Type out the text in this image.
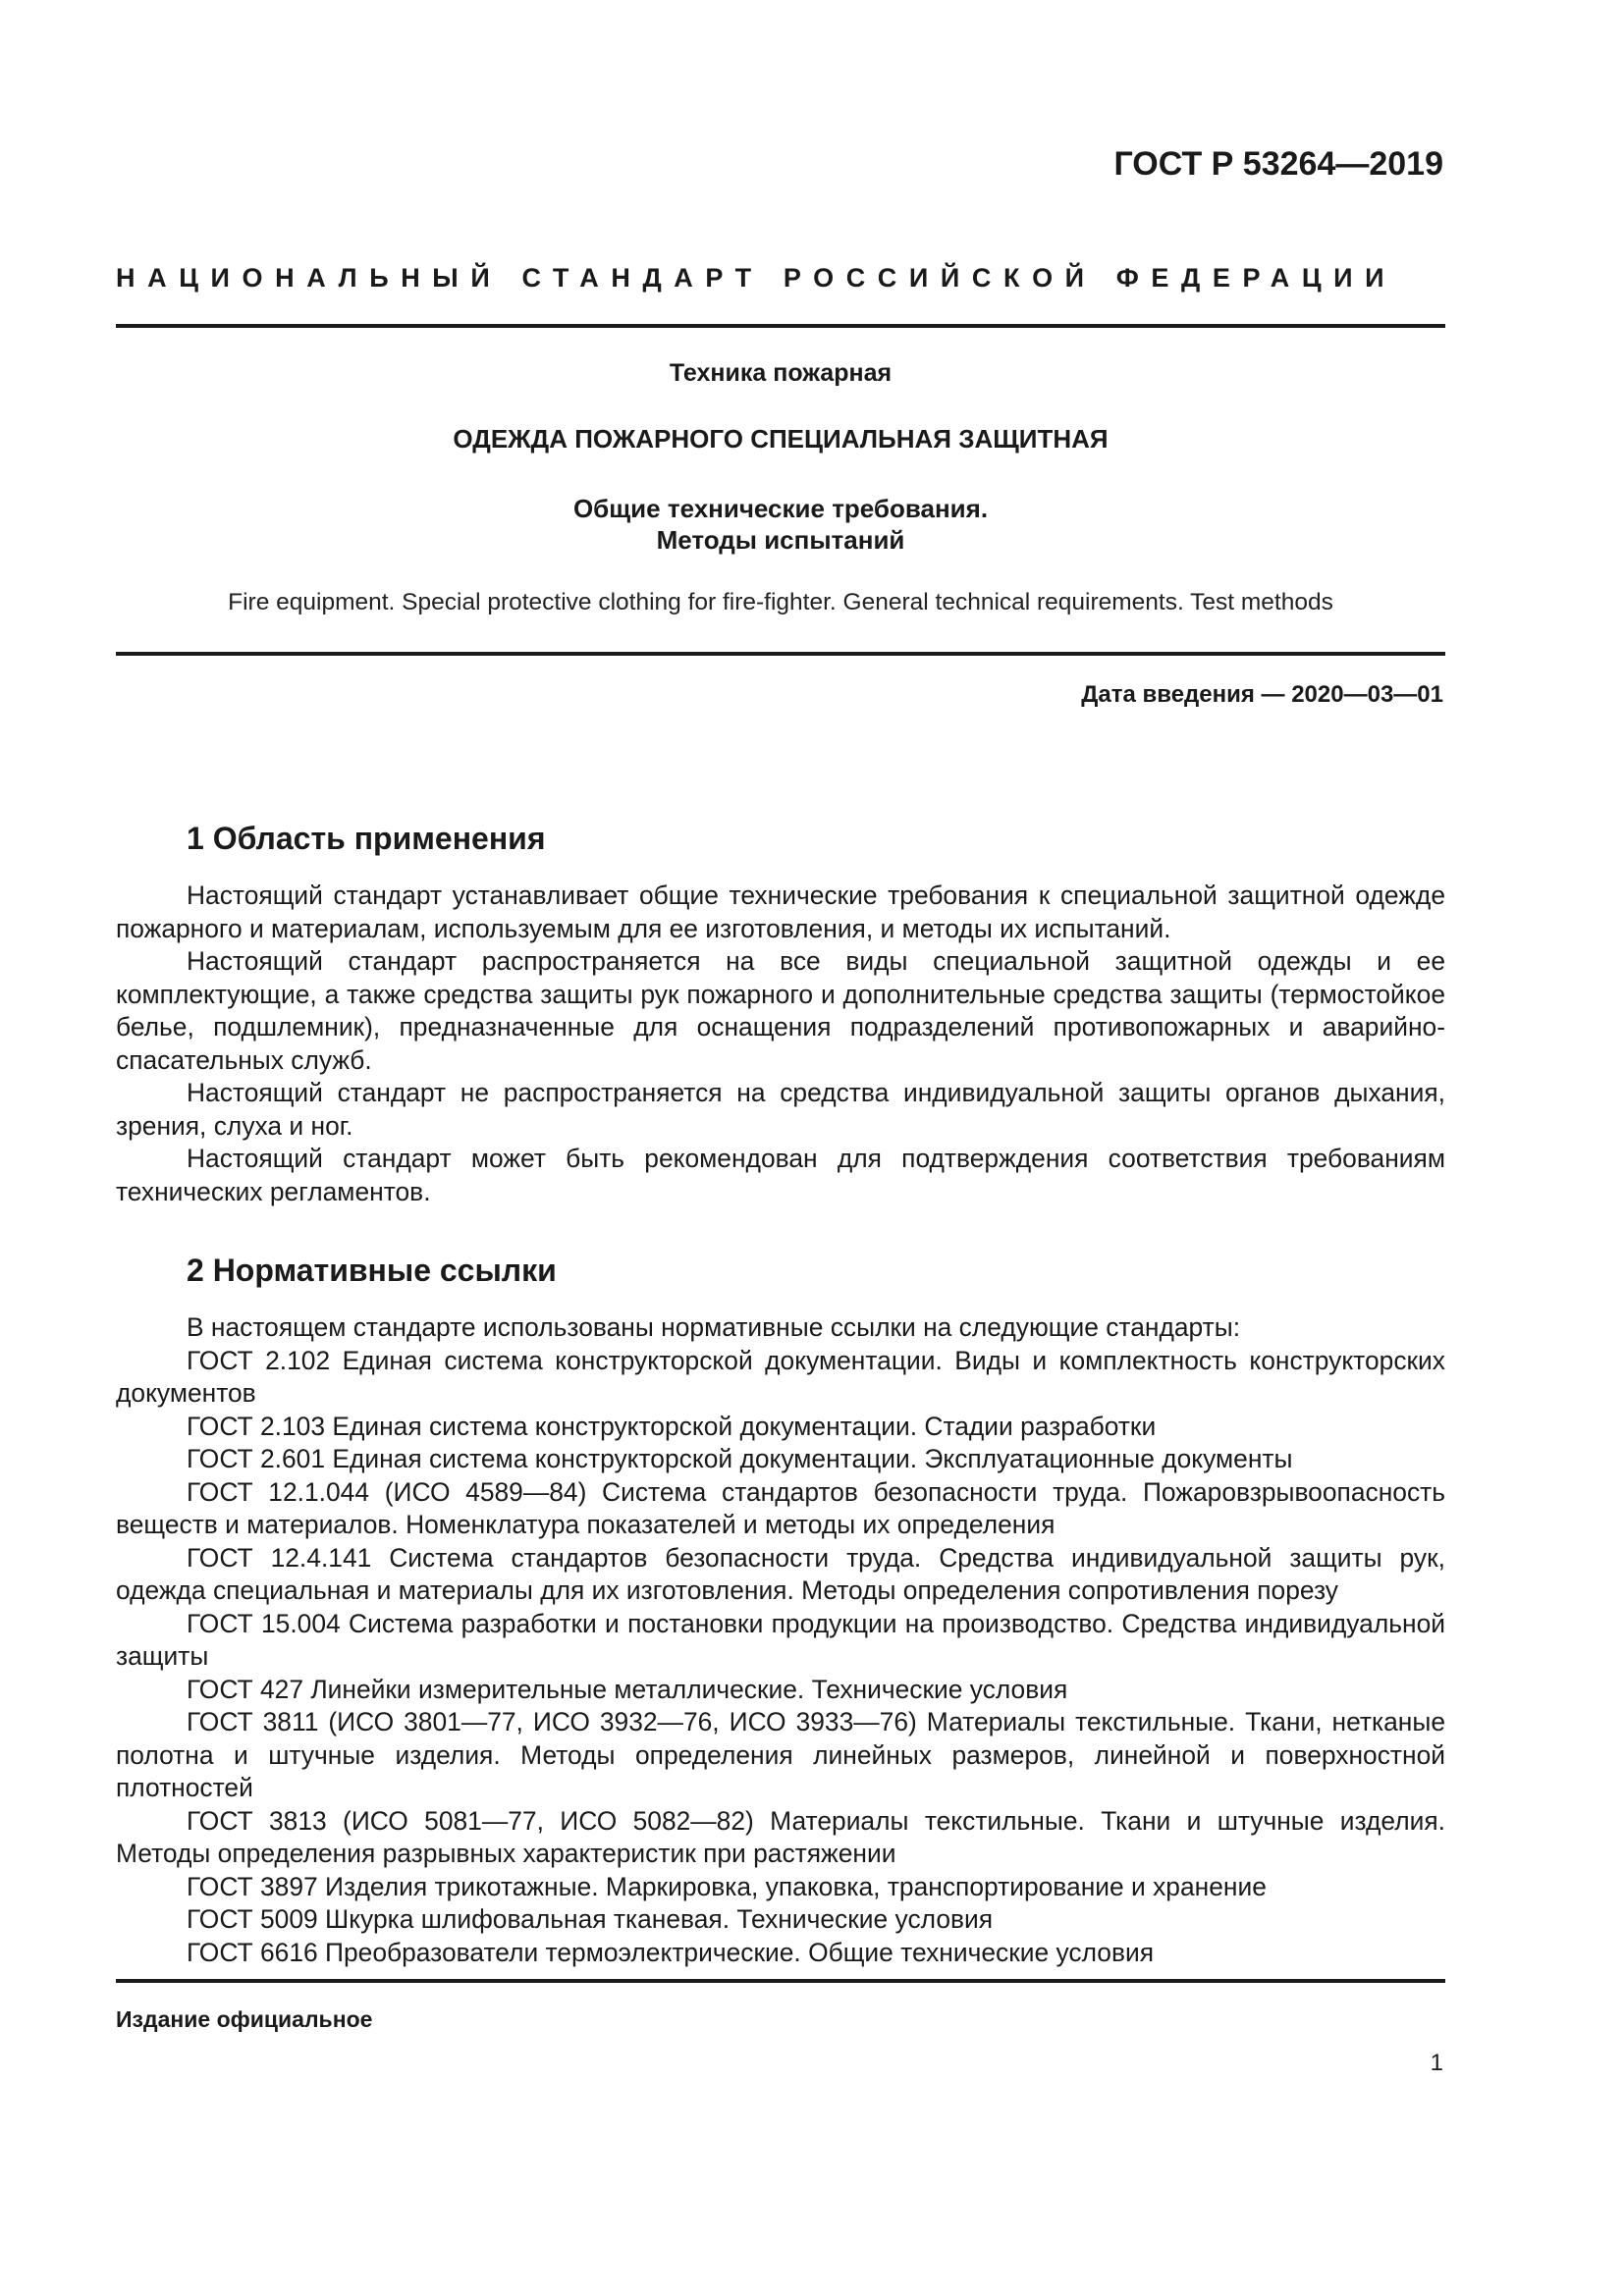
ГОСТ Р 53264—2019
НАЦИОНАЛЬНЫЙ СТАНДАРТ РОССИЙСКОЙ ФЕДЕРАЦИИ
Техника пожарная
ОДЕЖДА ПОЖАРНОГО СПЕЦИАЛЬНАЯ ЗАЩИТНАЯ
Общие технические требования.
Методы испытаний
Fire equipment. Special protective clothing for fire-fighter. General technical requirements. Test methods
Дата введения — 2020—03—01
1 Область применения

Настоящий стандарт устанавливает общие технические требования к специальной защитной одежде пожарного и материалам, используемым для ее изготовления, и методы их испытаний.

Настоящий стандарт распространяется на все виды специальной защитной одежды и ее комплектующие, а также средства защиты рук пожарного и дополнительные средства защиты (термостойкое белье, подшлемник), предназначенные для оснащения подразделений противопожарных и аварийно-спасательных служб.

Настоящий стандарт не распространяется на средства индивидуальной защиты органов дыхания, зрения, слуха и ног.

Настоящий стандарт может быть рекомендован для подтверждения соответствия требованиям технических регламентов.

2 Нормативные ссылки

В настоящем стандарте использованы нормативные ссылки на следующие стандарты:

ГОСТ 2.102 Единая система конструкторской документации. Виды и комплектность конструкторских документов

ГОСТ 2.103 Единая система конструкторской документации. Стадии разработки

ГОСТ 2.601 Единая система конструкторской документации. Эксплуатационные документы

ГОСТ 12.1.044 (ИСО 4589—84) Система стандартов безопасности труда. Пожаровзрывоопасность веществ и материалов. Номенклатура показателей и методы их определения

ГОСТ 12.4.141 Система стандартов безопасности труда. Средства индивидуальной защиты рук, одежда специальная и материалы для их изготовления. Методы определения сопротивления порезу

ГОСТ 15.004 Система разработки и постановки продукции на производство. Средства индивидуальной защиты

ГОСТ 427 Линейки измерительные металлические. Технические условия

ГОСТ 3811 (ИСО 3801—77, ИСО 3932—76, ИСО 3933—76) Материалы текстильные. Ткани, нетканые полотна и штучные изделия. Методы определения линейных размеров, линейной и поверхностной плотностей

ГОСТ 3813 (ИСО 5081—77, ИСО 5082—82) Материалы текстильные. Ткани и штучные изделия. Методы определения разрывных характеристик при растяжении

ГОСТ 3897 Изделия трикотажные. Маркировка, упаковка, транспортирование и хранение

ГОСТ 5009 Шкурка шлифовальная тканевая. Технические условия

ГОСТ 6616 Преобразователи термоэлектрические. Общие технические условия

Издание официальное
1
